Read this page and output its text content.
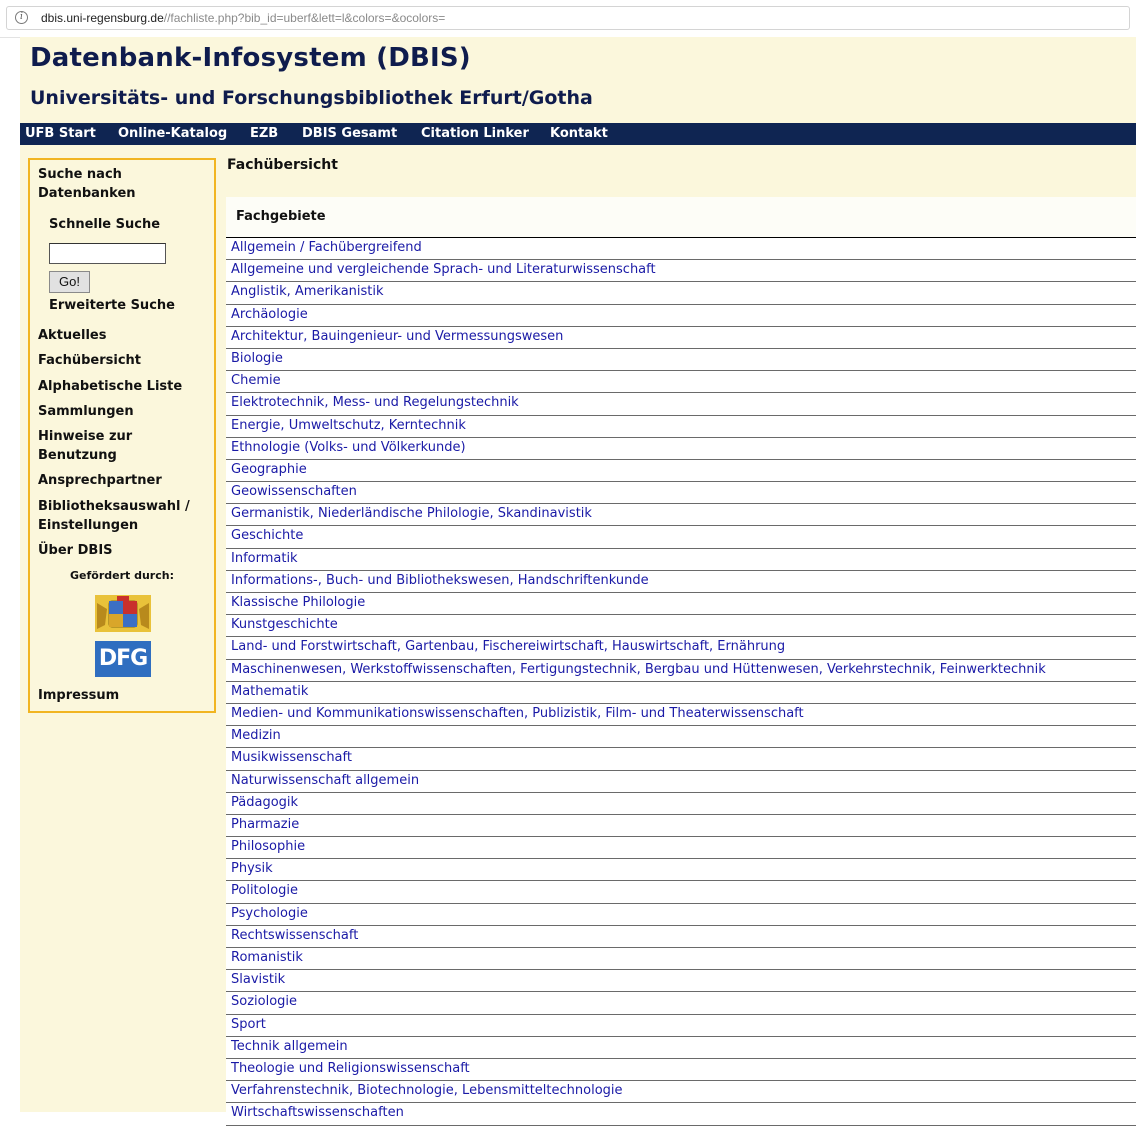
i	dbis.uni-regensburg.de//fachliste.php?bib_id=uberf&lett=l&colors=&ocolors=
Datenbank-Infosystem (DBIS)
Universitäts- und Forschungsbibliothek Erfurt/Gotha
UFB Start Online-Katalog EZB DBIS Gesamt Citation Linker Kontakt
Suche nach Datenbanken
Schnelle Suche
Go!
Erweiterte Suche
Aktuelles
Fachübersicht
Alphabetische Liste
Sammlungen
Hinweise zur Benutzung
Ansprechpartner
Bibliotheksauswahl / Einstellungen
Über DBIS
Gefördert durch:
DFG
Impressum
Fachübersicht
Fachgebiete
Allgemein / Fachübergreifend
Allgemeine und vergleichende Sprach- und Literaturwissenschaft
Anglistik, Amerikanistik
Archäologie
Architektur, Bauingenieur- und Vermessungswesen
Biologie
Chemie
Elektrotechnik, Mess- und Regelungstechnik
Energie, Umweltschutz, Kerntechnik
Ethnologie (Volks- und Völkerkunde)
Geographie
Geowissenschaften
Germanistik, Niederländische Philologie, Skandinavistik
Geschichte
Informatik
Informations-, Buch- und Bibliothekswesen, Handschriftenkunde
Klassische Philologie
Kunstgeschichte
Land- und Forstwirtschaft, Gartenbau, Fischereiwirtschaft, Hauswirtschaft, Ernährung
Maschinenwesen, Werkstoffwissenschaften, Fertigungstechnik, Bergbau und Hüttenwesen, Verkehrstechnik, Feinwerktechnik
Mathematik
Medien- und Kommunikationswissenschaften, Publizistik, Film- und Theaterwissenschaft
Medizin
Musikwissenschaft
Naturwissenschaft allgemein
Pädagogik
Pharmazie
Philosophie
Physik
Politologie
Psychologie
Rechtswissenschaft
Romanistik
Slavistik
Soziologie
Sport
Technik allgemein
Theologie und Religionswissenschaft
Verfahrenstechnik, Biotechnologie, Lebensmitteltechnologie
Wirtschaftswissenschaften
